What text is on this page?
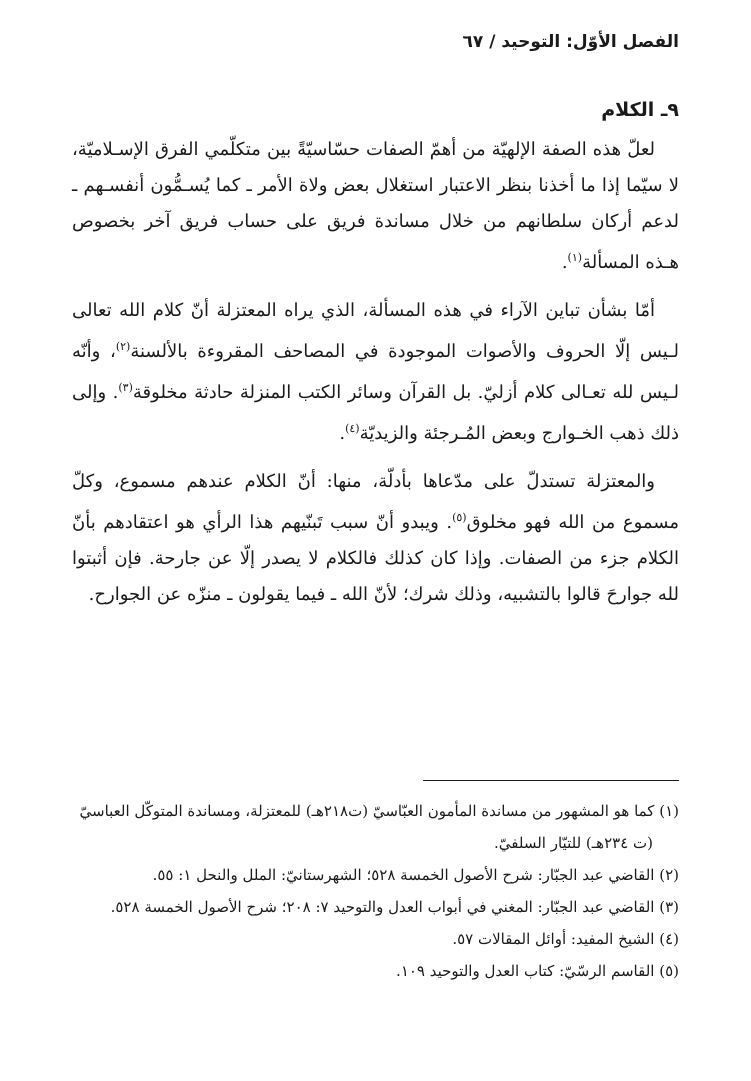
الفصل الأوّل: التوحيد / ٦٧
٩ـ الكلام

لعلّ هذه الصفة الإلهيّة من أهمّ الصفات حسّاسيّةً بين متكلّمي الفرق الإسـلاميّة، لا سيّما إذا ما أخذنا بنظر الاعتبار استغلال بعض ولاة الأمر ـ كما يُسـمُّون أنفسـهم ـ لدعم أركان سلطانهم من خلال مساندة فريق على حساب فريق آخر بخصوص هـذه المسألة$^{(١)}$.

أمّا بشأن تباين الآراء في هذه المسألة، الذي يراه المعتزلة أنّ كلام الله تعالى لـيس إلّا الحروف والأصوات الموجودة في المصاحف المقروءة بالألسنة$^{(٢)}$، وأنّه لـيس لله تعـالى كلام أزليّ. بل القرآن وسائر الكتب المنزلة حادثة مخلوقة$^{(٣)}$. وإلى ذلك ذهب الخـوارج وبعض المُـرجئة والزيديّة$^{(٤)}$.

والمعتزلة تستدلّ على مدّعاها بأدلّة، منها: أنّ الكلام عندهم مسموع، وكلّ مسموع من الله فهو مخلوق$^{(٥)}$. ويبدو أنّ سبب تَبنّيهم هذا الرأي هو اعتقادهم بأنّ الكلام جزء من الصفات. وإذا كان كذلك فالكلام لا يصدر إلّا عن جارحة. فإن أثبتوا لله جوارحَ قالوا بالتشبيه، وذلك شرك؛ لأنّ الله ـ فيما يقولون ـ منزّه عن الجوارح.

(١) كما هو المشهور من مساندة المأمون العبّاسيّ (ت٢١٨هـ) للمعتزلة، ومساندة المتوكّل العباسيّ

(ت ٢٣٤هـ) للتيّار السلفيّ.

(٢) القاضي عبد الجبّار: شرح الأصول الخمسة ٥٢٨؛ الشهرستانيّ: الملل والنحل ١: ٥٥.

(٣) القاضي عبد الجبّار: المغني في أبواب العدل والتوحيد ٧: ٢٠٨؛ شرح الأصول الخمسة ٥٢٨.

(٤) الشيخ المفيد: أوائل المقالات ٥٧.

(٥) القاسم الرسّيّ: كتاب العدل والتوحيد ١٠٩.
